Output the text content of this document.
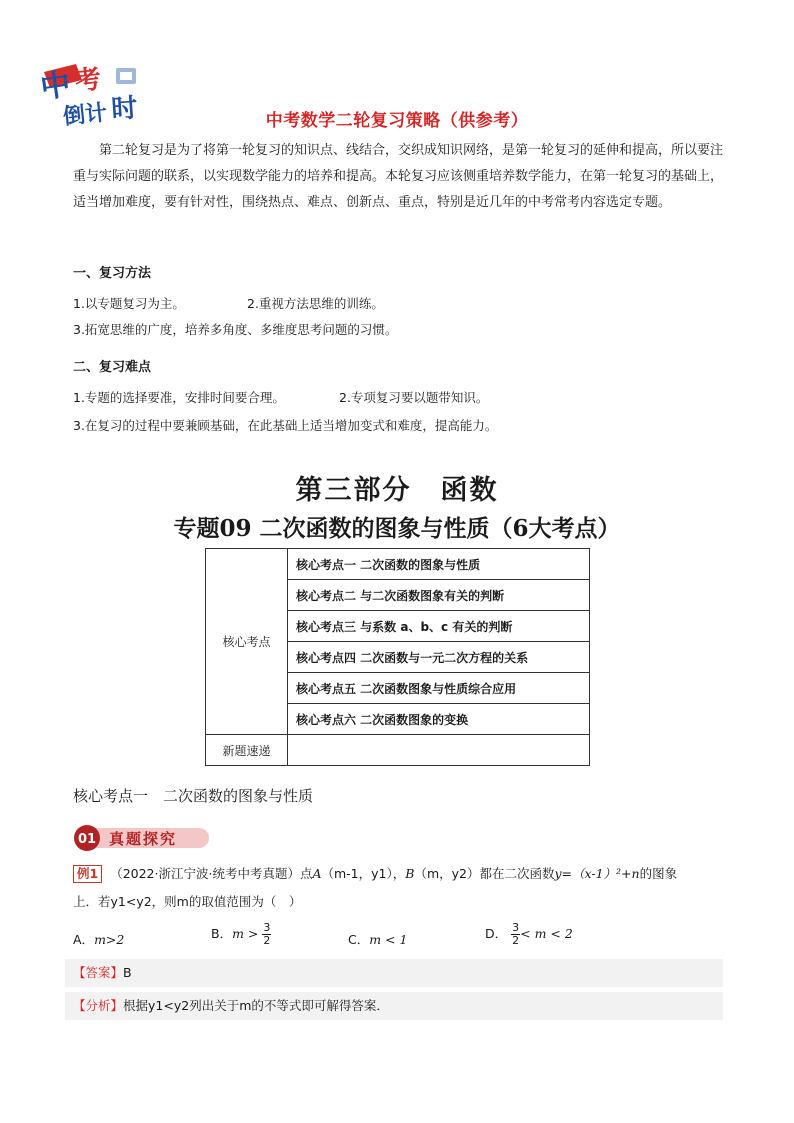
中 考
倒计 时	中考数学二轮复习策略（供参考）
第二轮复习是为了将第一轮复习的知识点、线结合，交织成知识网络，是第一轮复习的延伸和提高，所以要注重与实际问题的联系，以实现数学能力的培养和提高。本轮复习应该侧重培养数学能力，在第一轮复习的基础上，适当增加难度，要有针对性，围绕热点、难点、创新点、重点，特别是近几年的中考常考内容选定专题。
一、复习方法
1.以专题复习为主。	2.重视方法思维的训练。
3.拓宽思维的广度，培养多角度、多维度思考问题的习惯。
二、复习难点
1.专题的选择要准，安排时间要合理。	2.专项复习要以题带知识。
3.在复习的过程中要兼顾基础，在此基础上适当增加变式和难度，提高能力。
第三部分　函数
专题09 二次函数的图象与性质（6大考点）
核心考点	核心考点一 二次函数的图象与性质
	核心考点二 与二次函数图象有关的判断
	核心考点三 与系数 a、b、c 有关的判断
	核心考点四 二次函数与一元二次方程的关系
	核心考点五 二次函数图象与性质综合应用
	核心考点六 二次函数图象的变换
新题速递	
核心考点一　二次函数的图象与性质
01 真题探究
例1 （2022·浙江宁波·统考中考真题）点A（m-1，y1），B（m，y2）都在二次函数y=（x-1）²+n的图象
上．若y1<y2，则m的取值范围为（　）
A．m>2	B．$m > \frac{3}{2}$	C．m < 1	D． $\frac{3}{2} < m < 2$
【答案】B
【分析】根据y1<y2列出关于m的不等式即可解得答案．
